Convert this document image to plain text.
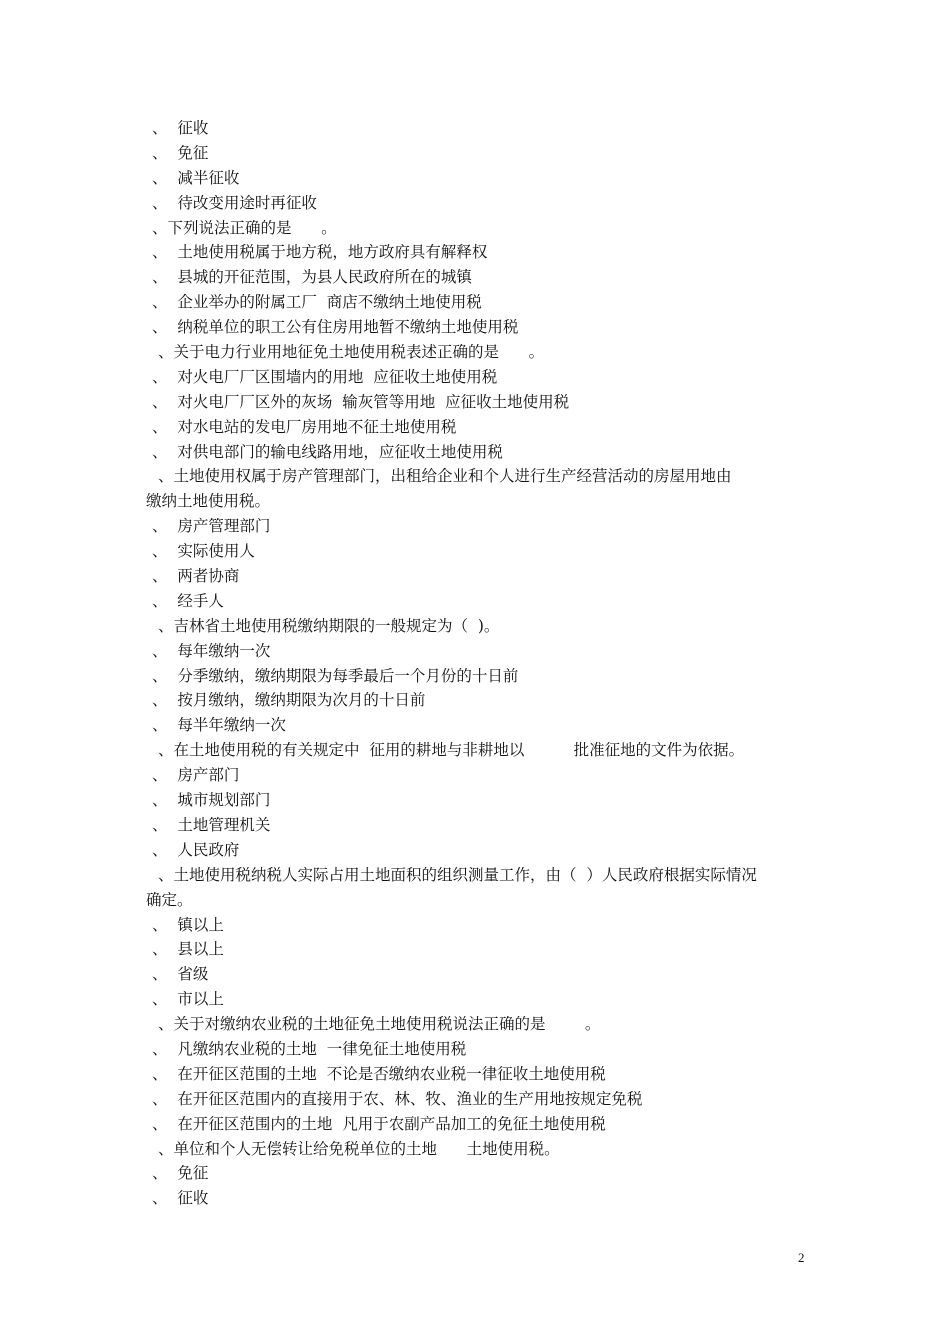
、  征收
、  免征
、  减半征收
、  待改变用途时再征收
、下列说法正确的是      。
、  土地使用税属于地方税，地方政府具有解释权
、  县城的开征范围，为县人民政府所在的城镇
、  企业举办的附属工厂  商店不缴纳土地使用税
、  纳税单位的职工公有住房用地暂不缴纳土地使用税
、关于电力行业用地征免土地使用税表述正确的是      。
、  对火电厂厂区围墙内的用地  应征收土地使用税
、  对火电厂厂区外的灰场  输灰管等用地  应征收土地使用税
、  对水电站的发电厂房用地不征土地使用税
、  对供电部门的输电线路用地，应征收土地使用税
、土地使用权属于房产管理部门，出租给企业和个人进行生产经营活动的房屋用地由
缴纳土地使用税。
、  房产管理部门
、  实际使用人
、  两者协商
、  经手人
、吉林省土地使用税缴纳期限的一般规定为（  )。
、  每年缴纳一次
、  分季缴纳，缴纳期限为每季最后一个月份的十日前
、  按月缴纳，缴纳期限为次月的十日前
、  每半年缴纳一次
、在土地使用税的有关规定中  征用的耕地与非耕地以          批准征地的文件为依据。
、  房产部门
、  城市规划部门
、  土地管理机关
、  人民政府
、土地使用税纳税人实际占用土地面积的组织测量工作，由（  ）人民政府根据实际情况
确定。
、  镇以上
、  县以上
、  省级
、  市以上
、关于对缴纳农业税的土地征免土地使用税说法正确的是        。
、  凡缴纳农业税的土地  一律免征土地使用税
、  在开征区范围的土地  不论是否缴纳农业税一律征收土地使用税
、  在开征区范围内的直接用于农、林、牧、渔业的生产用地按规定免税
、  在开征区范围内的土地  凡用于农副产品加工的免征土地使用税
、单位和个人无偿转让给免税单位的土地      土地使用税。
、  免征
、  征收
2
